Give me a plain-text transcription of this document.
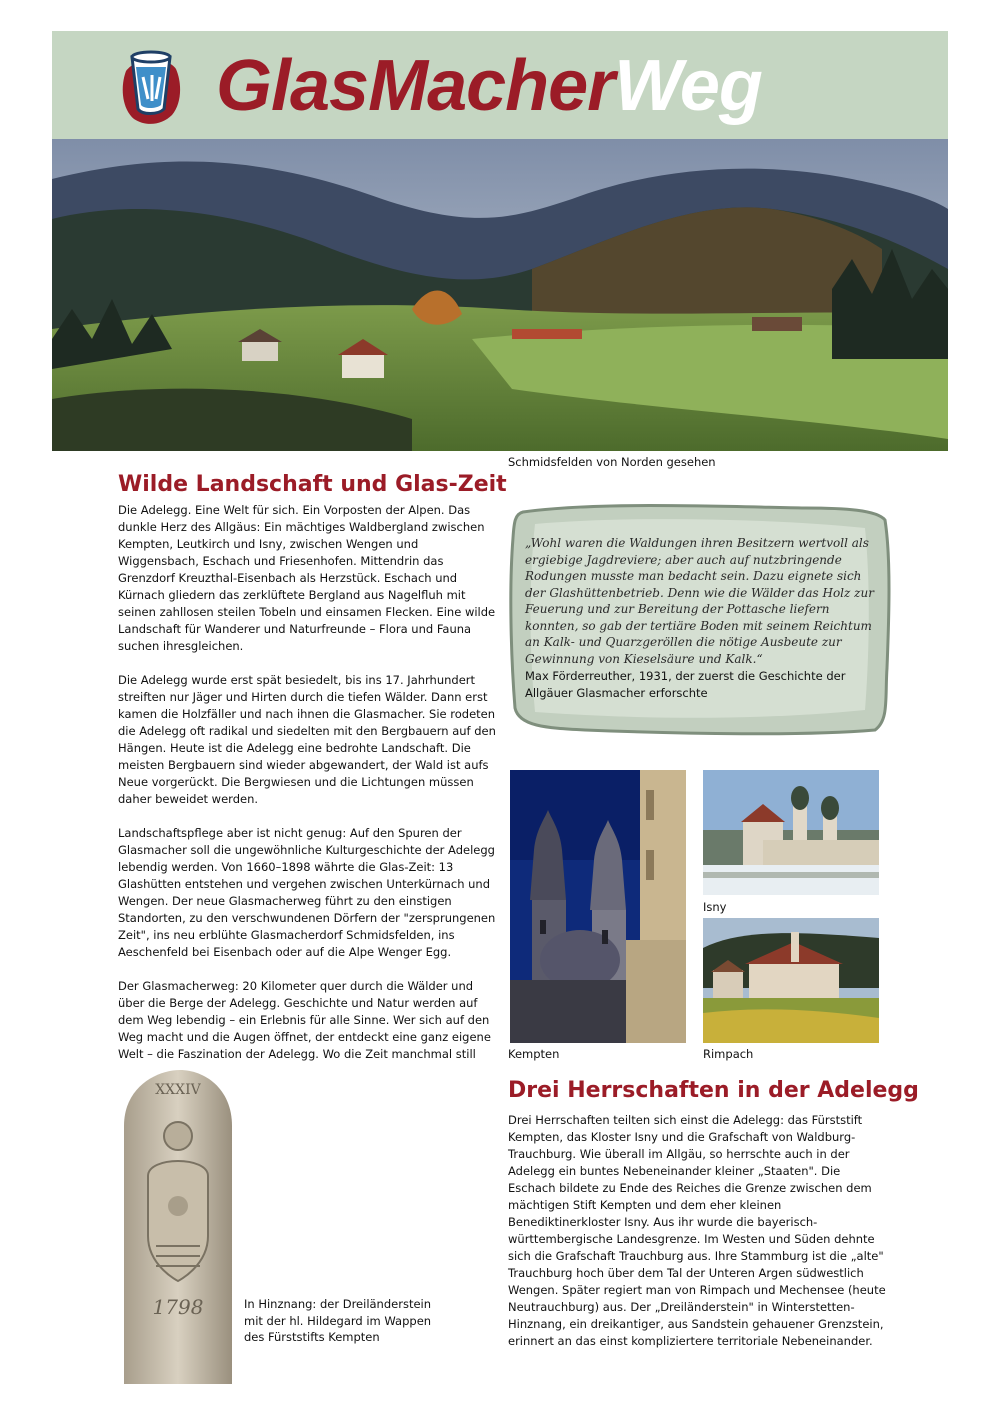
GlasMacherWeg
Schmidsfelden von Norden gesehen
Wilde Landschaft und Glas-Zeit

Die Adelegg. Eine Welt für sich. Ein Vorposten der Alpen. Das dunkle Herz des Allgäus: Ein mächtiges Waldbergland zwischen Kempten, Leutkirch und Isny, zwischen Wengen und Wiggensbach, Eschach und Friesenhofen. Mittendrin das Grenzdorf Kreuzthal-Eisenbach als Herzstück. Eschach und Kürnach gliedern das zerklüftete Bergland aus Nagelfluh mit seinen zahllosen steilen Tobeln und einsamen Flecken. Eine wilde Landschaft für Wanderer und Naturfreunde – Flora und Fauna suchen ihresgleichen.

Die Adelegg wurde erst spät besiedelt, bis ins 17. Jahrhundert streiften nur Jäger und Hirten durch die tiefen Wälder. Dann erst kamen die Holzfäller und nach ihnen die Glasmacher. Sie rodeten die Adelegg oft radikal und siedelten mit den Bergbauern auf den Hängen. Heute ist die Adelegg eine bedrohte Landschaft. Die meisten Bergbauern sind wieder abgewandert, der Wald ist aufs Neue vorgerückt. Die Bergwiesen und die Lichtungen müssen daher beweidet werden.

Landschaftspflege aber ist nicht genug: Auf den Spuren der Glasmacher soll die ungewöhnliche Kulturgeschichte der Adelegg lebendig werden. Von 1660–1898 währte die Glas-Zeit: 13 Glashütten entstehen und vergehen zwischen Unterkürnach und Wengen. Der neue Glasmacherweg führt zu den einstigen Standorten, zu den verschwundenen Dörfern der "zersprungenen Zeit", ins neu erblühte Glasmacherdorf Schmidsfelden, ins Aeschenfeld bei Eisenbach oder auf die Alpe Wenger Egg.

Der Glasmacherweg: 20 Kilometer quer durch die Wälder und über die Berge der Adelegg. Geschichte und Natur werden auf dem Weg lebendig – ein Erlebnis für alle Sinne. Wer sich auf den Weg macht und die Augen öffnet, der entdeckt eine ganz eigene Welt – die Faszination der Adelegg. Wo die Zeit manchmal still

„Wohl waren die Waldungen ihren Besitzern wertvoll als ergiebige Jagdreviere; aber auch auf nutzbringende Rodungen musste man bedacht sein. Dazu eignete sich der Glashüttenbetrieb. Denn wie die Wälder das Holz zur Feuerung und zur Bereitung der Pottasche liefern konnten, so gab der tertiäre Boden mit seinem Reichtum an Kalk- und Quarzgeröllen die nötige Ausbeute zur Gewinnung von Kieselsäure und Kalk.“
Max Förderreuther, 1931, der zuerst die Geschichte der Allgäuer Glasmacher erforschte
Kempten
Isny
Rimpach
XXXIV
1798	In Hinznang: der Dreiländerstein mit der hl. Hildegard im Wappen des Fürststifts Kempten
Drei Herrschaften in der Adelegg

Drei Herrschaften teilten sich einst die Adelegg: das Fürststift Kempten, das Kloster Isny und die Grafschaft von Waldburg-Trauchburg. Wie überall im Allgäu, so herrschte auch in der Adelegg ein buntes Nebeneinander kleiner „Staaten". Die Eschach bildete zu Ende des Reiches die Grenze zwischen dem mächtigen Stift Kempten und dem eher kleinen Benediktinerkloster Isny. Aus ihr wurde die bayerisch-württembergische Landesgrenze. Im Westen und Süden dehnte sich die Grafschaft Trauchburg aus. Ihre Stammburg ist die „alte" Trauchburg hoch über dem Tal der Unteren Argen südwestlich Wengen. Später regiert man von Rimpach und Mechensee (heute Neutrauchburg) aus. Der „Dreiländerstein" in Winterstetten-Hinznang, ein dreikantiger, aus Sandstein gehauener Grenzstein, erinnert an das einst kompliziertere territoriale Nebeneinander.
